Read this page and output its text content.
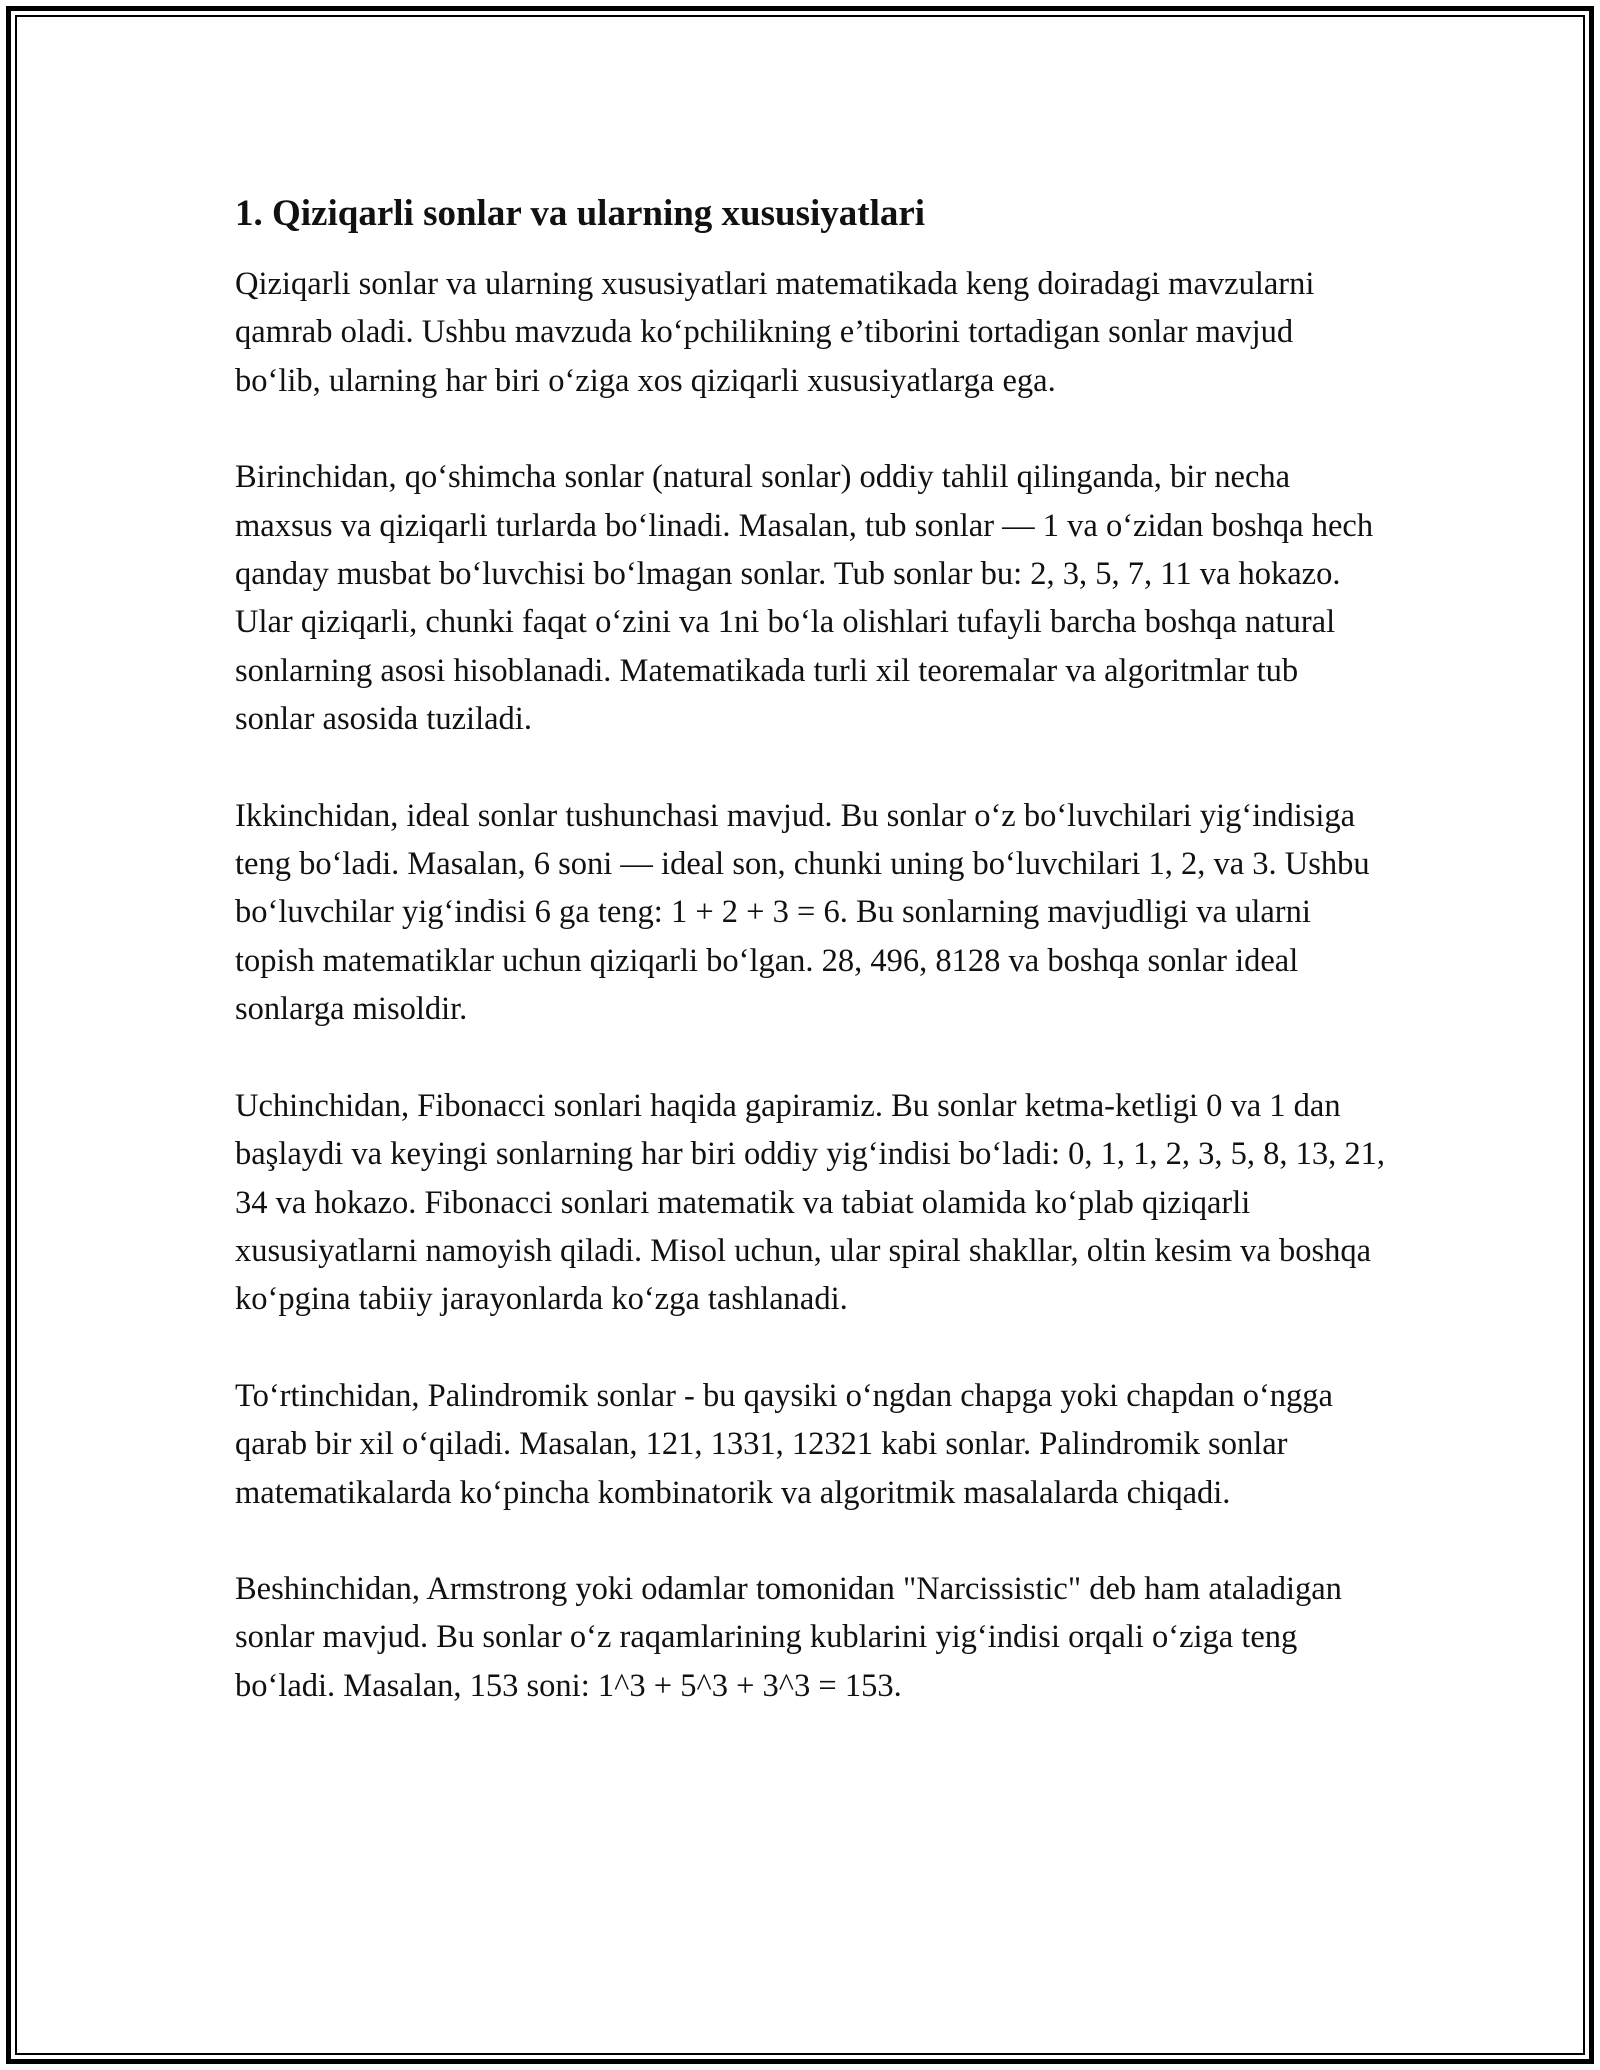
1. Qiziqarli sonlar va ularning xususiyatlari

Qiziqarli sonlar va ularning xususiyatlari matematikada keng doiradagi mavzularni qamrab oladi. Ushbu mavzuda koʻpchilikning e’tiborini tortadigan sonlar mavjud boʻlib, ularning har biri oʻziga xos qiziqarli xususiyatlarga ega.

Birinchidan, qoʻshimcha sonlar (natural sonlar) oddiy tahlil qilinganda, bir necha maxsus va qiziqarli turlarda boʻlinadi. Masalan, tub sonlar — 1 va oʻzidan boshqa hech qanday musbat boʻluvchisi boʻlmagan sonlar. Tub sonlar bu: 2, 3, 5, 7, 11 va hokazo. Ular qiziqarli, chunki faqat oʻzini va 1ni boʻla olishlari tufayli barcha boshqa natural sonlarning asosi hisoblanadi. Matematikada turli xil teoremalar va algoritmlar tub sonlar asosida tuziladi.

Ikkinchidan, ideal sonlar tushunchasi mavjud. Bu sonlar oʻz boʻluvchilari yigʻindisiga teng boʻladi. Masalan, 6 soni — ideal son, chunki uning boʻluvchilari 1, 2, va 3. Ushbu boʻluvchilar yigʻindisi 6 ga teng: 1 + 2 + 3 = 6. Bu sonlarning mavjudligi va ularni topish matematiklar uchun qiziqarli boʻlgan. 28, 496, 8128 va boshqa sonlar ideal sonlarga misoldir.

Uchinchidan, Fibonacci sonlari haqida gapiramiz. Bu sonlar ketma-ketligi 0 va 1 dan başlaydi va keyingi sonlarning har biri oddiy yigʻindisi boʻladi: 0, 1, 1, 2, 3, 5, 8, 13, 21, 34 va hokazo. Fibonacci sonlari matematik va tabiat olamida koʻplab qiziqarli xususiyatlarni namoyish qiladi. Misol uchun, ular spiral shakllar, oltin kesim va boshqa koʻpgina tabiiy jarayonlarda koʻzga tashlanadi.

Toʻrtinchidan, Palindromik sonlar - bu qaysiki oʻngdan chapga yoki chapdan oʻngga qarab bir xil oʻqiladi. Masalan, 121, 1331, 12321 kabi sonlar. Palindromik sonlar matematikalarda koʻpincha kombinatorik va algoritmik masalalarda chiqadi.

Beshinchidan, Armstrong yoki odamlar tomonidan "Narcissistic" deb ham ataladigan sonlar mavjud. Bu sonlar oʻz raqamlarining kublarini yigʻindisi orqali oʻziga teng boʻladi. Masalan, 153 soni: 1^3 + 5^3 + 3^3 = 153.
